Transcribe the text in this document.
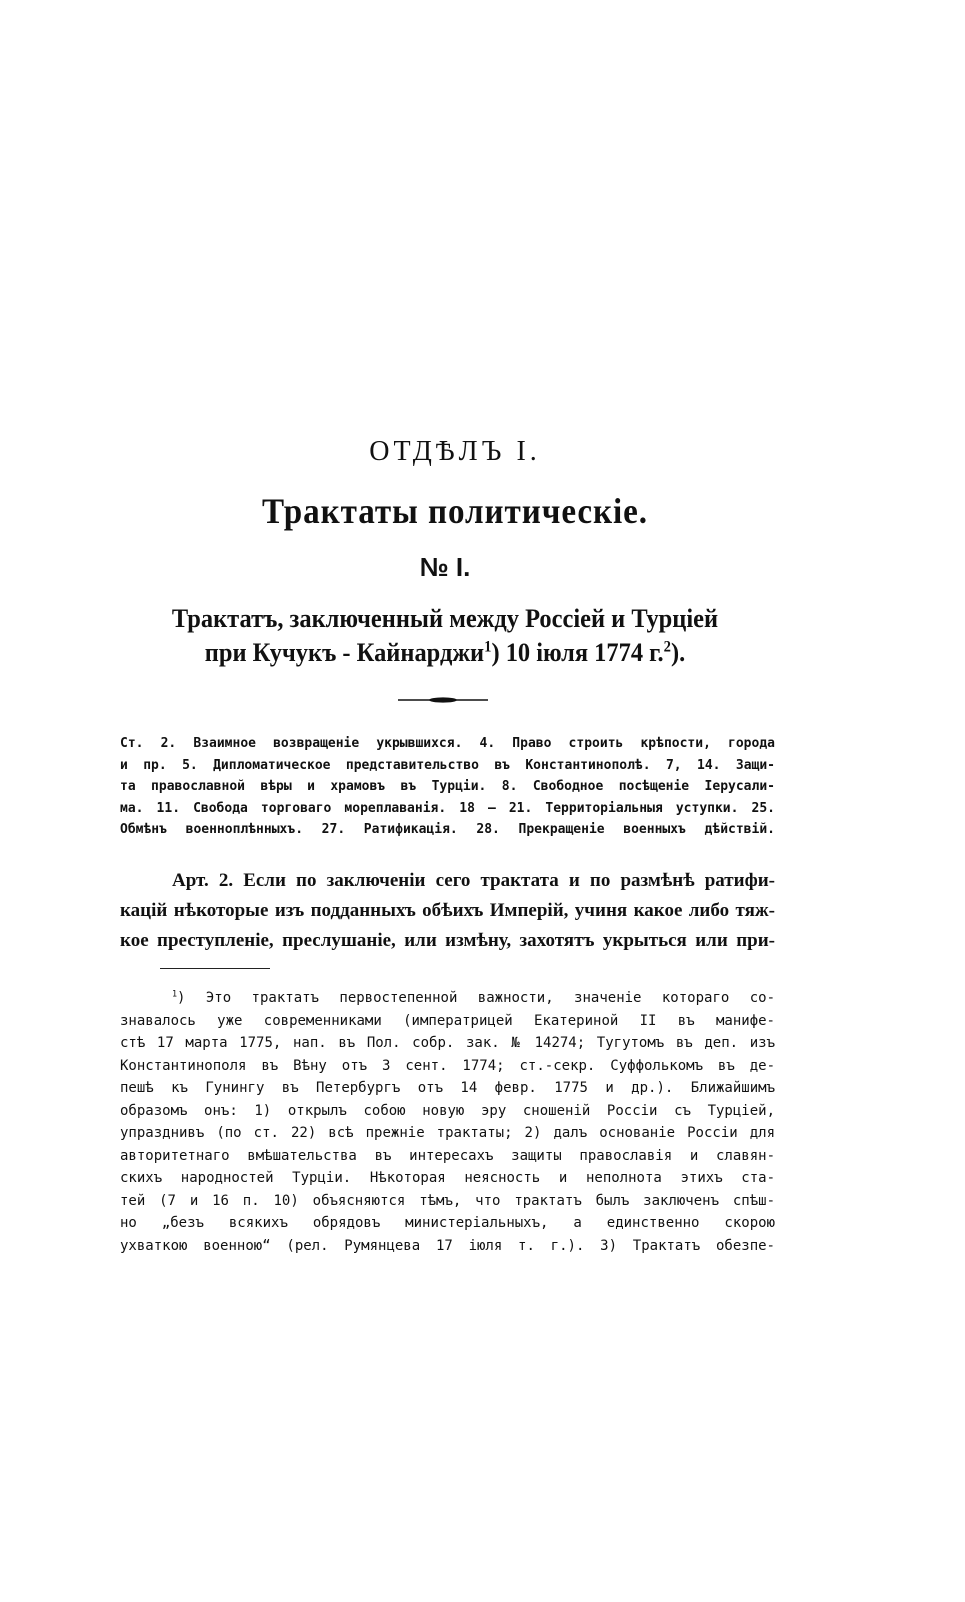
ОТДѢЛЪ I.
Трактаты политическіе.
№ I.
Трактатъ, заключенный между Россіей и Турціей
при Кучукъ - Кайнарджи$^1$) 10 іюля 1774 г.$^2$).
Ст. 2. Взаимное возвращеніе укрывшихся. 4. Право строить крѣпости, города
и пр. 5. Дипломатическое представительство въ Константинополѣ. 7, 14. Защи-
та православной вѣры и храмовъ въ Турціи. 8. Свободное посѣщеніе Іерусали-
ма. 11. Свобода торговаго мореплаванія. 18 — 21. Территоріальныя уступки. 25.
Обмѣнъ военноплѣнныхъ. 27. Ратификація. 28. Прекращеніе военныхъ дѣйствій.
Арт. 2. Если по заключеніи сего трактата и по размѣнѣ ратифи-
кацій нѣкоторые изъ подданныхъ обѣихъ Имперій, учиня какое либо тяж-
кое преступленіе, преслушаніе, или измѣну, захотятъ укрыться или при-
$^1$) Это трактатъ первостепенной важности, значеніе котораго со-
знавалось уже современниками (императрицей Екатериной II въ манифе-
стѣ 17 марта 1775, нап. въ Пол. собр. зак. № 14274; Тугутомъ въ деп. изъ
Константинополя въ Вѣну отъ 3 сент. 1774; ст.-секр. Суффолькомъ въ де-
пешѣ къ Гунингу въ Петербургъ отъ 14 февр. 1775 и др.). Ближайшимъ
образомъ онъ: 1) открылъ собою новую эру сношеній Россіи съ Турціей,
упразднивъ (по ст. 22) всѣ прежніе трактаты; 2) далъ основаніе Россіи для
авторитетнаго вмѣшательства въ интересахъ защиты православія и славян-
скихъ народностей Турціи. Нѣкоторая неясность и неполнота этихъ ста-
тей (7 и 16 п. 10) объясняются тѣмъ, что трактатъ былъ заключенъ спѣш-
но „безъ всякихъ обрядовъ министеріальныхъ, а единственно скорою
ухваткою военною“ (рел. Румянцева 17 іюля т. г.). 3) Трактатъ обезпе-
